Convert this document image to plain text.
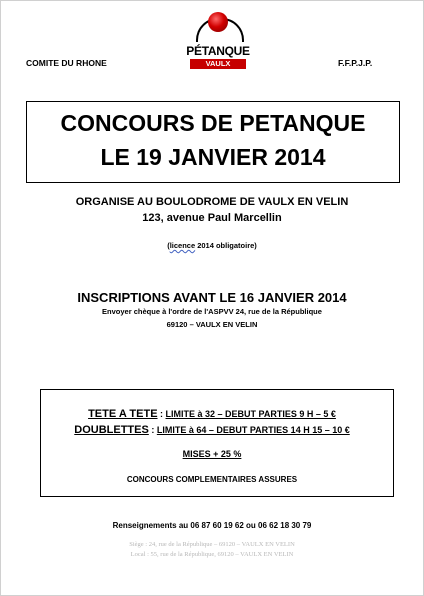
PÉTANQUE
VAULX VILLAGE
COMITE DU RHONE	F.F.P.J.P.
CONCOURS DE PETANQUE
LE 19 JANVIER 2014
ORGANISE AU BOULODROME DE VAULX EN VELIN
123, avenue Paul Marcellin
(licence 2014 obligatoire)
INSCRIPTIONS AVANT LE 16 JANVIER 2014
Envoyer chèque à l'ordre de l'ASPVV 24, rue de la République
69120 – VAULX EN VELIN
TETE A TETE : LIMITE à 32 – DEBUT PARTIES 9 H – 5 €
DOUBLETTES : LIMITE à 64 – DEBUT PARTIES 14 H 15 – 10 €
MISES + 25 %
CONCOURS COMPLEMENTAIRES ASSURES
Renseignements au 06 87 60 19 62 ou 06 62 18 30 79
Siège : 24, rue de la République – 69120 – VAULX EN VELIN
Local : 55, rue de la République, 69120 – VAULX EN VELIN
